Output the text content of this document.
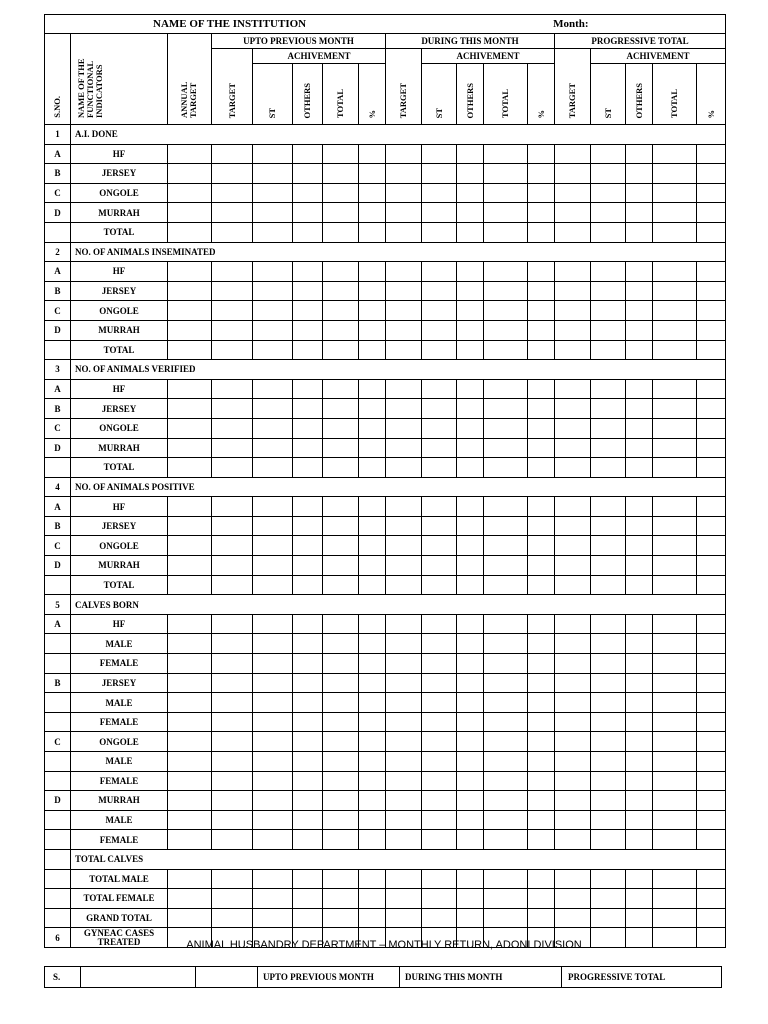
NAME OF THE INSTITUTION Month:																	
S.NO.	NAME OF THE FUNCTIONAL INDICATORS	ANNUAL TARGET	UPTO PREVIOUS MONTH					DURING THIS MONTH					PROGRESSIVE TOTAL				
			TARGET	ACHIVEMENT				TARGET	ACHIVEMENT				TARGET	ACHIVEMENT			
				ST	OTHERS	TOTAL	%		ST	OTHERS	TOTAL	%		ST	OTHERS	TOTAL	%
1	A.I. DONE																
A	HF																
B	JERSEY																
C	ONGOLE																
D	MURRAH																
	TOTAL																
2	NO. OF ANIMALS INSEMINATED																
A	HF																
B	JERSEY																
C	ONGOLE																
D	MURRAH																
	TOTAL																
3	NO. OF ANIMALS VERIFIED																
A	HF																
B	JERSEY																
C	ONGOLE																
D	MURRAH																
	TOTAL																
4	NO. OF ANIMALS POSITIVE																
A	HF																
B	JERSEY																
C	ONGOLE																
D	MURRAH																
	TOTAL																
5	CALVES BORN																
A	HF																
	MALE																
	FEMALE																
B	JERSEY																
	MALE																
	FEMALE																
C	ONGOLE																
	MALE																
	FEMALE																
D	MURRAH																
	MALE																
	FEMALE																
	TOTAL CALVES																
	TOTAL MALE																
	TOTAL FEMALE																
	GRAND TOTAL																
6	GYNEAC CASES TREATED																	ANIMAL HUSBANDRY DEPARTMENT – MONTHLY RETURN, ADONI DIVISION
S.			UPTO PREVIOUS MONTH	DURING THIS MONTH	PROGRESSIVE TOTAL
